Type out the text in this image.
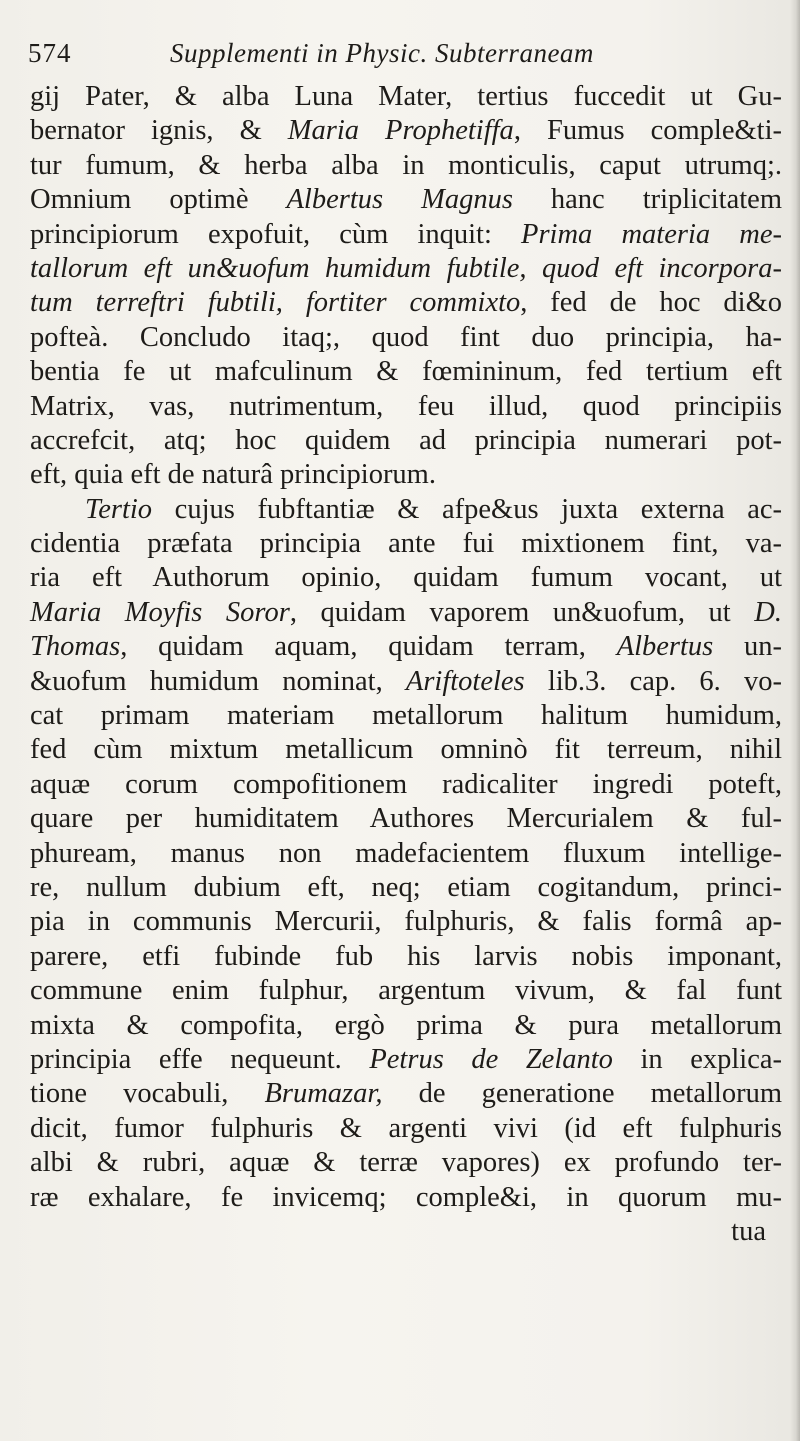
574	Supplementi in Physic. Subterraneam
gij Pater, & alba Luna Mater, tertius fuccedit ut Gu-
bernator ignis, & Maria Prophetiffa, Fumus comple&ti-
tur fumum, & herba alba in monticulis, caput utrumq;.
Omnium optimè Albertus Magnus hanc triplicitatem
principiorum expofuit, cùm inquit: Prima materia me-
tallorum eft un&uofum humidum fubtile, quod eft incorpora-
tum terreftri fubtili, fortiter commixto, fed de hoc di&o
pofteà. Concludo itaq;, quod fint duo principia, ha-
bentia fe ut mafculinum & fœmininum, fed tertium eft
Matrix, vas, nutrimentum, feu illud, quod principiis
accrefcit, atq; hoc quidem ad principia numerari pot-
eft, quia eft de naturâ principiorum.
Tertio cujus fubftantiæ & afpe&us juxta externa ac-
cidentia præfata principia ante fui mixtionem fint, va-
ria eft Authorum opinio, quidam fumum vocant, ut
Maria Moyfis Soror, quidam vaporem un&uofum, ut D.
Thomas, quidam aquam, quidam terram, Albertus un-
&uofum humidum nominat, Ariftoteles lib.3. cap. 6. vo-
cat primam materiam metallorum halitum humidum,
fed cùm mixtum metallicum omninò fit terreum, nihil
aquæ corum compofitionem radicaliter ingredi poteft,
quare per humiditatem Authores Mercurialem & ful-
phuream, manus non madefacientem fluxum intellige-
re, nullum dubium eft, neq; etiam cogitandum, princi-
pia in communis Mercurii, fulphuris, & falis formâ ap-
parere, etfi fubinde fub his larvis nobis imponant,
commune enim fulphur, argentum vivum, & fal funt
mixta & compofita, ergò prima & pura metallorum
principia effe nequeunt. Petrus de Zelanto in explica-
tione vocabuli, Brumazar, de generatione metallorum
dicit, fumor fulphuris & argenti vivi (id eft fulphuris
albi & rubri, aquæ & terræ vapores) ex profundo ter-
ræ exhalare, fe invicemq; comple&i, in quorum mu-
tua
